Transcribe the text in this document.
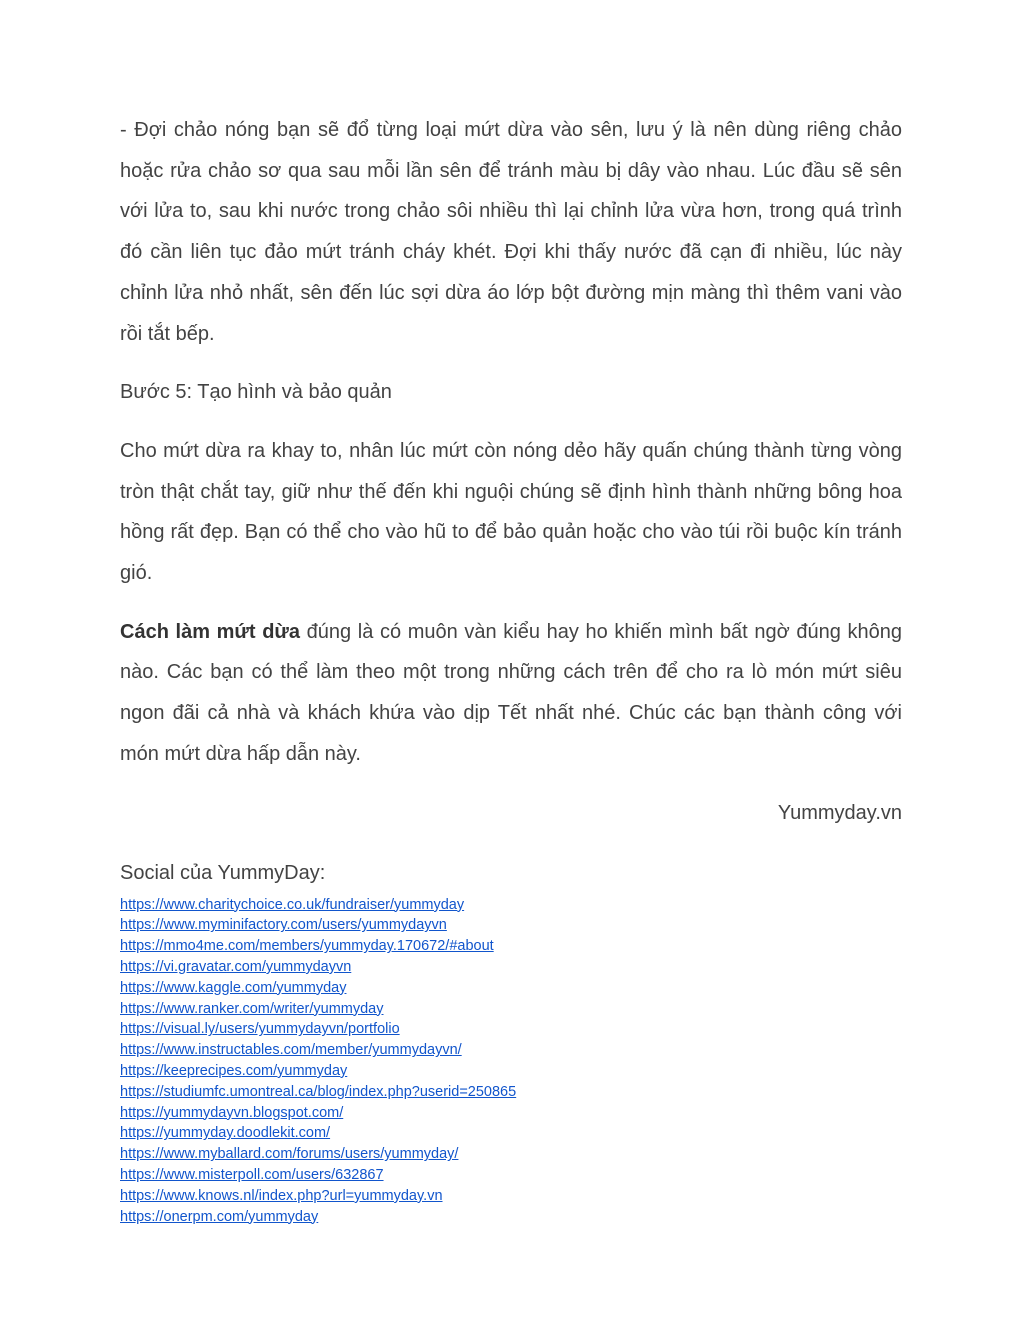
- Đợi chảo nóng bạn sẽ đổ từng loại mứt dừa vào sên, lưu ý là nên dùng riêng chảo hoặc rửa chảo sơ qua sau mỗi lần sên để tránh màu bị dây vào nhau. Lúc đầu sẽ sên với lửa to, sau khi nước trong chảo sôi nhiều thì lại chỉnh lửa vừa hơn, trong quá trình đó cần liên tục đảo mứt tránh cháy khét. Đợi khi thấy nước đã cạn đi nhiều, lúc này chỉnh lửa nhỏ nhất, sên đến lúc sợi dừa áo lớp bột đường mịn màng thì thêm vani vào rồi tắt bếp.

Bước 5: Tạo hình và bảo quản

Cho mứt dừa ra khay to, nhân lúc mứt còn nóng dẻo hãy quấn chúng thành từng vòng tròn thật chắt tay, giữ như thế đến khi nguội chúng sẽ định hình thành những bông hoa hồng rất đẹp. Bạn có thể cho vào hũ to để bảo quản hoặc cho vào túi rồi buộc kín tránh gió.

Cách làm mứt dừa đúng là có muôn vàn kiểu hay ho khiến mình bất ngờ đúng không nào. Các bạn có thể làm theo một trong những cách trên để cho ra lò món mứt siêu ngon đãi cả nhà và khách khứa vào dịp Tết nhất nhé. Chúc các bạn thành công với món mứt dừa hấp dẫn này.

Yummyday.vn

Social của YummyDay:

https://www.charitychoice.co.uk/fundraiser/yummyday
https://www.myminifactory.com/users/yummydayvn
https://mmo4me.com/members/yummyday.170672/#about
https://vi.gravatar.com/yummydayvn
https://www.kaggle.com/yummyday
https://www.ranker.com/writer/yummyday
https://visual.ly/users/yummydayvn/portfolio
https://www.instructables.com/member/yummydayvn/
https://keeprecipes.com/yummyday
https://studiumfc.umontreal.ca/blog/index.php?userid=250865
https://yummydayvn.blogspot.com/
https://yummyday.doodlekit.com/
https://www.myballard.com/forums/users/yummyday/
https://www.misterpoll.com/users/632867
https://www.knows.nl/index.php?url=yummyday.vn
https://onerpm.com/yummyday
